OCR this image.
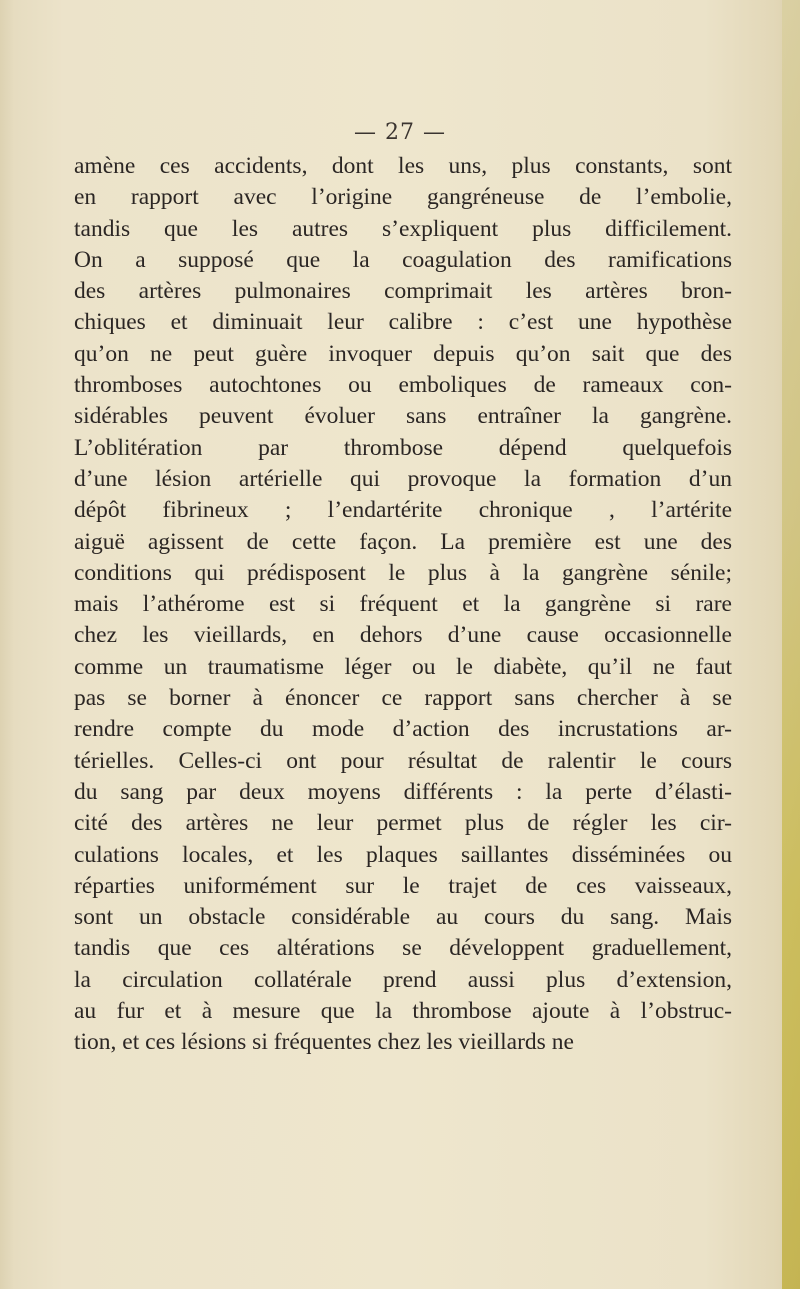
— 27 —
amène ces accidents, dont les uns, plus constants, sont
en rapport avec l’origine gangréneuse de l’embolie,
tandis que les autres s’expliquent plus difficilement.
On a supposé que la coagulation des ramifications
des artères pulmonaires comprimait les artères bron-
chiques et diminuait leur calibre : c’est une hypothèse
qu’on ne peut guère invoquer depuis qu’on sait que des
thromboses autochtones ou emboliques de rameaux con-
sidérables peuvent évoluer sans entraîner la gangrène.
L’oblitération par thrombose dépend quelquefois
d’une lésion artérielle qui provoque la formation d’un
dépôt fibrineux ; l’endartérite chronique , l’artérite
aiguë agissent de cette façon. La première est une des
conditions qui prédisposent le plus à la gangrène sénile;
mais l’athérome est si fréquent et la gangrène si rare
chez les vieillards, en dehors d’une cause occasionnelle
comme un traumatisme léger ou le diabète, qu’il ne faut
pas se borner à énoncer ce rapport sans chercher à se
rendre compte du mode d’action des incrustations ar-
térielles. Celles-ci ont pour résultat de ralentir le cours
du sang par deux moyens différents : la perte d’élasti-
cité des artères ne leur permet plus de régler les cir-
culations locales, et les plaques saillantes disséminées ou
réparties uniformément sur le trajet de ces vaisseaux,
sont un obstacle considérable au cours du sang. Mais
tandis que ces altérations se développent graduellement,
la circulation collatérale prend aussi plus d’extension,
au fur et à mesure que la thrombose ajoute à l’obstruc-
tion, et ces lésions si fréquentes chez les vieillards ne
